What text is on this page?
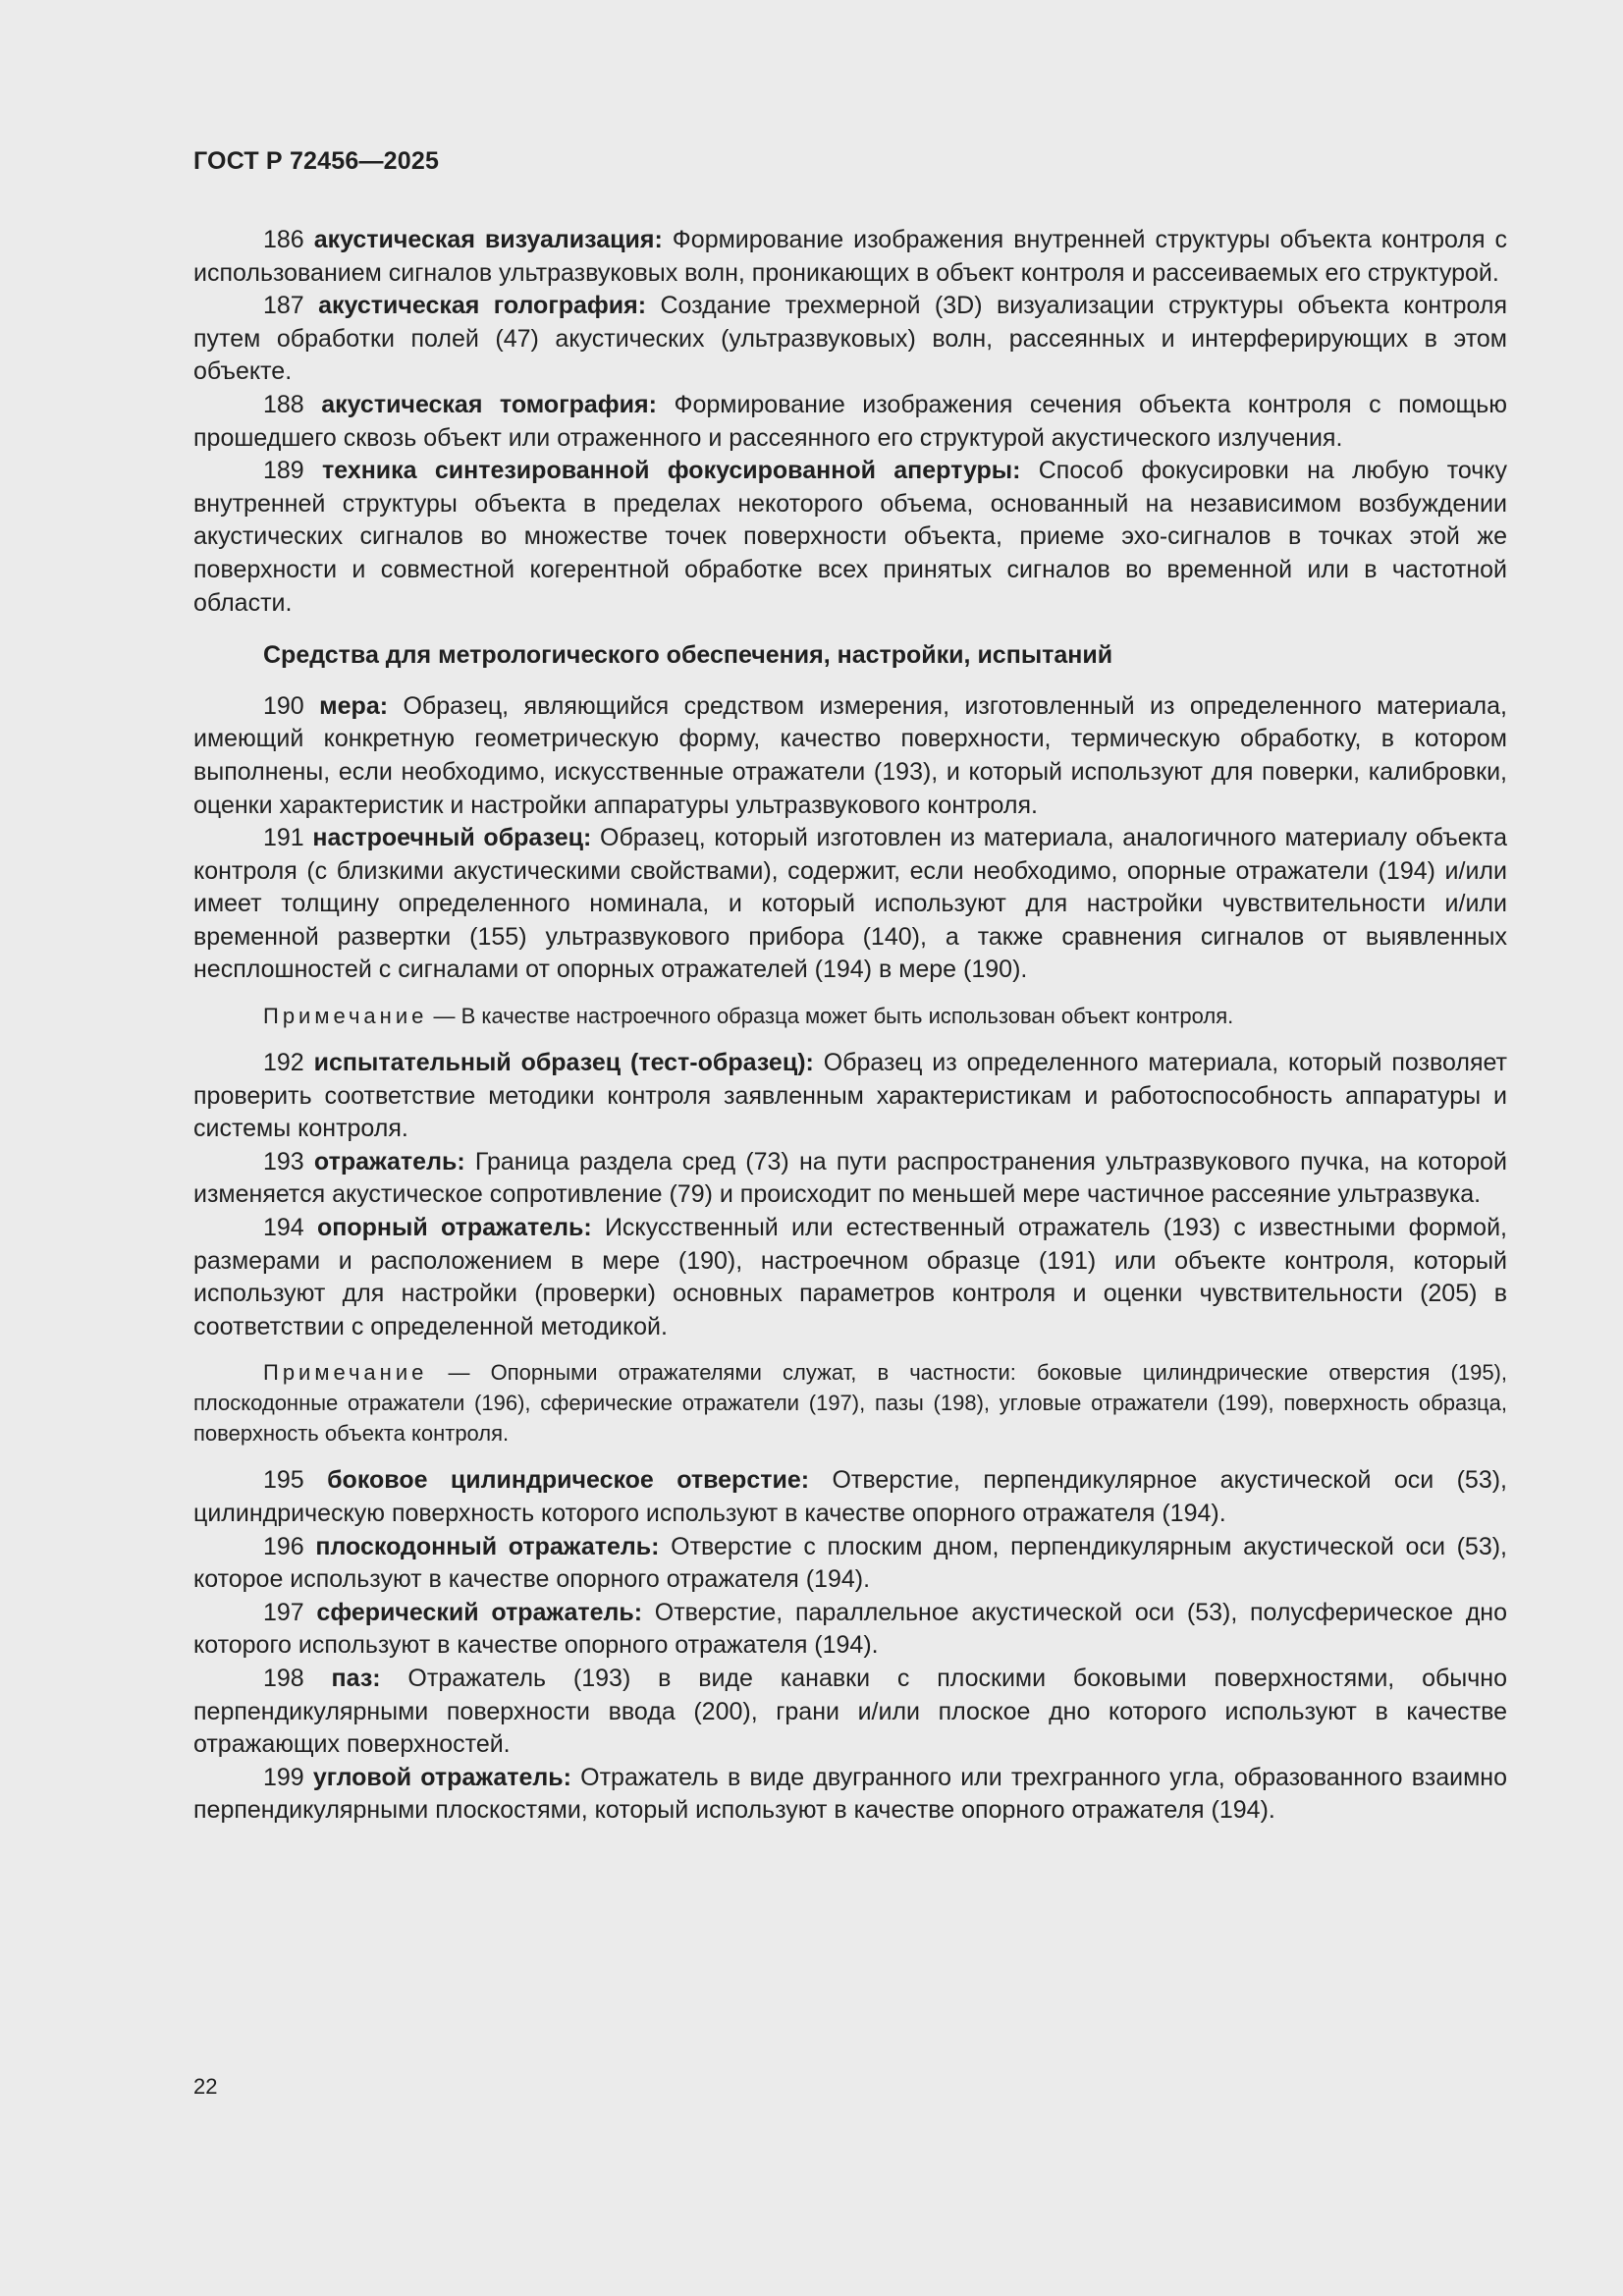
ГОСТ Р 72456—2025

186 акустическая визуализация: Формирование изображения внутренней структуры объекта контроля с использованием сигналов ультразвуковых волн, проникающих в объект контроля и рассеиваемых его структурой.

187 акустическая голография: Создание трехмерной (3D) визуализации структуры объекта контроля путем обработки полей (47) акустических (ультразвуковых) волн, рассеянных и интерферирующих в этом объекте.

188 акустическая томография: Формирование изображения сечения объекта контроля с помощью прошедшего сквозь объект или отраженного и рассеянного его структурой акустического излучения.

189 техника синтезированной фокусированной апертуры: Способ фокусировки на любую точку внутренней структуры объекта в пределах некоторого объема, основанный на независимом возбуждении акустических сигналов во множестве точек поверхности объекта, приеме эхо-сигналов в точках этой же поверхности и совместной когерентной обработке всех принятых сигналов во временной или в частотной области.

Средства для метрологического обеспечения, настройки, испытаний

190 мера: Образец, являющийся средством измерения, изготовленный из определенного материала, имеющий конкретную геометрическую форму, качество поверхности, термическую обработку, в котором выполнены, если необходимо, искусственные отражатели (193), и который используют для поверки, калибровки, оценки характеристик и настройки аппаратуры ультразвукового контроля.

191 настроечный образец: Образец, который изготовлен из материала, аналогичного материалу объекта контроля (с близкими акустическими свойствами), содержит, если необходимо, опорные отражатели (194) и/или имеет толщину определенного номинала, и который используют для настройки чувствительности и/или временной развертки (155) ультразвукового прибора (140), а также сравнения сигналов от выявленных несплошностей с сигналами от опорных отражателей (194) в мере (190).

Примечание — В качестве настроечного образца может быть использован объект контроля.

192 испытательный образец (тест-образец): Образец из определенного материала, который позволяет проверить соответствие методики контроля заявленным характеристикам и работоспособность аппаратуры и системы контроля.

193 отражатель: Граница раздела сред (73) на пути распространения ультразвукового пучка, на которой изменяется акустическое сопротивление (79) и происходит по меньшей мере частичное рассеяние ультразвука.

194 опорный отражатель: Искусственный или естественный отражатель (193) с известными формой, размерами и расположением в мере (190), настроечном образце (191) или объекте контроля, который используют для настройки (проверки) основных параметров контроля и оценки чувствительности (205) в соответствии с определенной методикой.

Примечание — Опорными отражателями служат, в частности: боковые цилиндрические отверстия (195), плоскодонные отражатели (196), сферические отражатели (197), пазы (198), угловые отражатели (199), поверхность образца, поверхность объекта контроля.

195 боковое цилиндрическое отверстие: Отверстие, перпендикулярное акустической оси (53), цилиндрическую поверхность которого используют в качестве опорного отражателя (194).

196 плоскодонный отражатель: Отверстие с плоским дном, перпендикулярным акустической оси (53), которое используют в качестве опорного отражателя (194).

197 сферический отражатель: Отверстие, параллельное акустической оси (53), полусферическое дно которого используют в качестве опорного отражателя (194).

198 паз: Отражатель (193) в виде канавки с плоскими боковыми поверхностями, обычно перпендикулярными поверхности ввода (200), грани и/или плоское дно которого используют в качестве отражающих поверхностей.

199 угловой отражатель: Отражатель в виде двугранного или трехгранного угла, образованного взаимно перпендикулярными плоскостями, который используют в качестве опорного отражателя (194).

22
